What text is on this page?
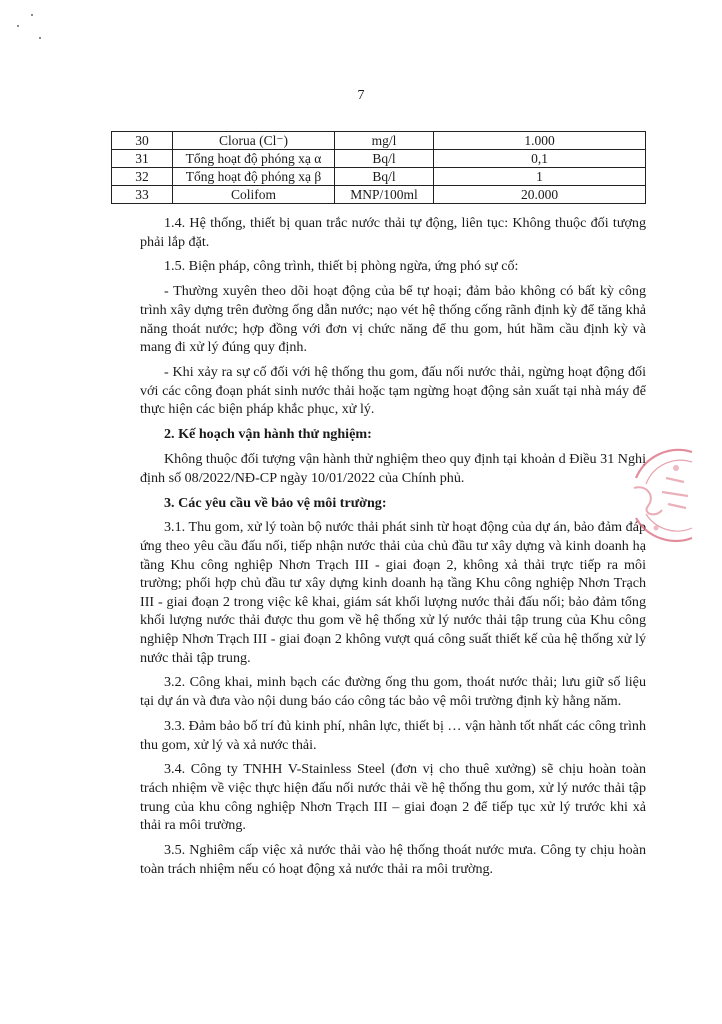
7
30	Clorua (Cl⁻)	mg/l	1.000
31	Tổng hoạt độ phóng xạ α	Bq/l	0,1
32	Tổng hoạt độ phóng xạ β	Bq/l	1
33	Colifom	MNP/100ml	20.000

1.4. Hệ thống, thiết bị quan trắc nước thải tự động, liên tục: Không thuộc đối tượng phải lắp đặt.

1.5. Biện pháp, công trình, thiết bị phòng ngừa, ứng phó sự cố:

- Thường xuyên theo dõi hoạt động của bể tự hoại; đảm bảo không có bất kỳ công trình xây dựng trên đường ống dẫn nước; nạo vét hệ thống cống rãnh định kỳ để tăng khả năng thoát nước; hợp đồng với đơn vị chức năng để thu gom, hút hầm cầu định kỳ và mang đi xử lý đúng quy định.

- Khi xảy ra sự cố đối với hệ thống thu gom, đấu nối nước thải, ngừng hoạt động đối với các công đoạn phát sinh nước thải hoặc tạm ngừng hoạt động sản xuất tại nhà máy để thực hiện các biện pháp khắc phục, xử lý.

2. Kế hoạch vận hành thử nghiệm:

Không thuộc đối tượng vận hành thử nghiệm theo quy định tại khoản d Điều 31 Nghị định số 08/2022/NĐ-CP ngày 10/01/2022 của Chính phủ.

3. Các yêu cầu về bảo vệ môi trường:

3.1. Thu gom, xử lý toàn bộ nước thải phát sinh từ hoạt động của dự án, bảo đảm đáp ứng theo yêu cầu đấu nối, tiếp nhận nước thải của chủ đầu tư xây dựng và kinh doanh hạ tầng Khu công nghiệp Nhơn Trạch III - giai đoạn 2, không xả thải trực tiếp ra môi trường; phối hợp chủ đầu tư xây dựng kinh doanh hạ tầng Khu công nghiệp Nhơn Trạch III - giai đoạn 2 trong việc kê khai, giám sát khối lượng nước thải đấu nối; bảo đảm tổng khối lượng nước thải được thu gom về hệ thống xử lý nước thải tập trung của Khu công nghiệp Nhơn Trạch III - giai đoạn 2 không vượt quá công suất thiết kế của hệ thống xử lý nước thải tập trung.

3.2. Công khai, minh bạch các đường ống thu gom, thoát nước thải; lưu giữ số liệu tại dự án và đưa vào nội dung báo cáo công tác bảo vệ môi trường định kỳ hằng năm.

3.3. Đảm bảo bố trí đủ kinh phí, nhân lực, thiết bị … vận hành tốt nhất các công trình thu gom, xử lý và xả nước thải.

3.4. Công ty TNHH V-Stainless Steel (đơn vị cho thuê xưởng) sẽ chịu hoàn toàn trách nhiệm về việc thực hiện đấu nối nước thải về hệ thống thu gom, xử lý nước thải tập trung của khu công nghiệp Nhơn Trạch III – giai đoạn 2 để tiếp tục xử lý trước khi xả thải ra môi trường.

3.5. Nghiêm cấp việc xả nước thải vào hệ thống thoát nước mưa. Công ty chịu hoàn toàn trách nhiệm nếu có hoạt động xả nước thải ra môi trường.
